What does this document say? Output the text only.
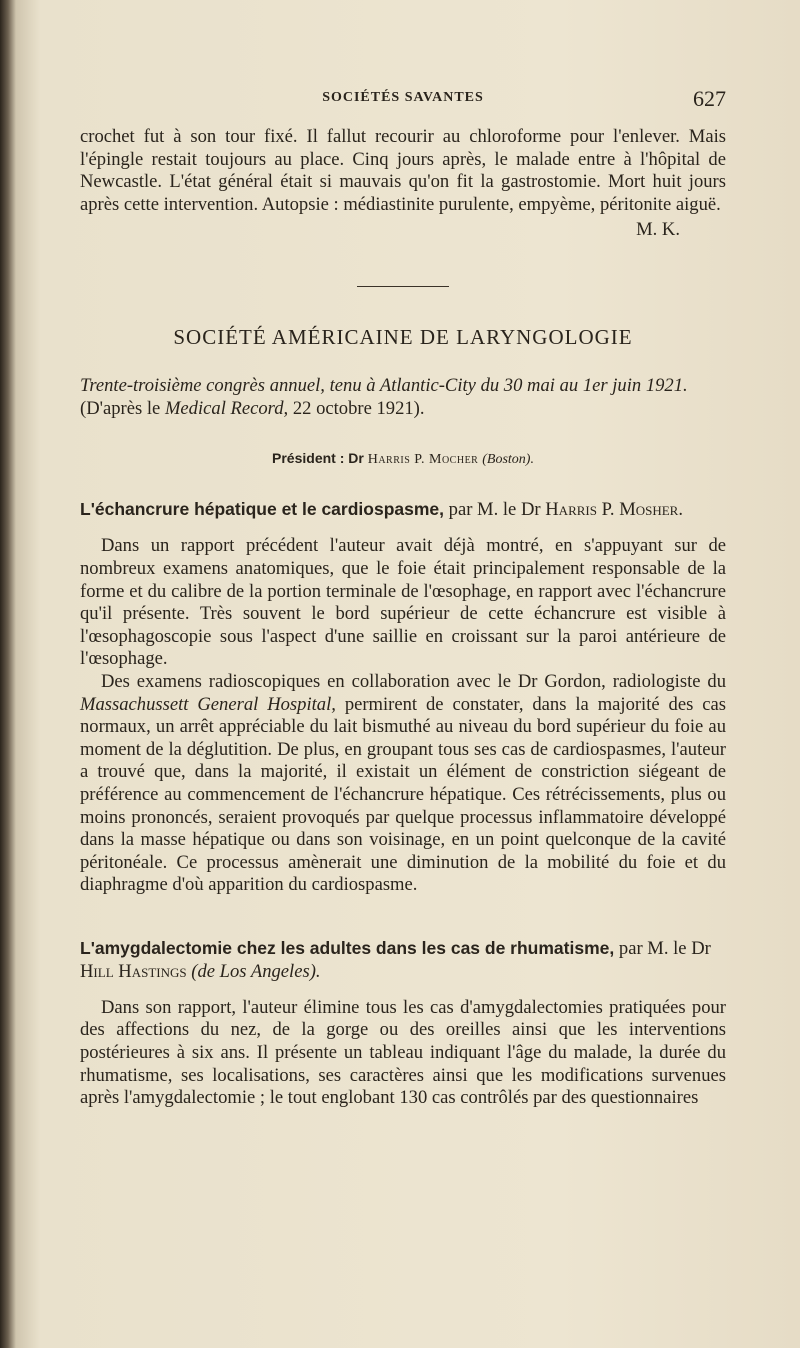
SOCIÉTÉS SAVANTES	627

crochet fut à son tour fixé. Il fallut recourir au chloroforme pour l'enlever. Mais l'épingle restait toujours au place. Cinq jours après, le malade entre à l'hôpital de Newcastle. L'état général était si mauvais qu'on fit la gastrostomie. Mort huit jours après cette intervention. Autopsie : médiastinite purulente, empyème, péritonite aiguë.

M. K.
SOCIÉTÉ AMÉRICAINE DE LARYNGOLOGIE
Trente-troisième congrès annuel, tenu à Atlantic-City du 30 mai au 1er juin 1921. (D'après le Medical Record, 22 octobre 1921).
Président : Dr Harris P. Mocher (Boston).
L'échancrure hépatique et le cardiospasme, par M. le Dr Harris P. Mosher.

Dans un rapport précédent l'auteur avait déjà montré, en s'appuyant sur de nombreux examens anatomiques, que le foie était principalement responsable de la forme et du calibre de la portion terminale de l'œsophage, en rapport avec l'échancrure qu'il présente. Très souvent le bord supérieur de cette échancrure est visible à l'œsophagoscopie sous l'aspect d'une saillie en croissant sur la paroi antérieure de l'œsophage.

Des examens radioscopiques en collaboration avec le Dr Gordon, radiologiste du Massachussett General Hospital, permirent de constater, dans la majorité des cas normaux, un arrêt appréciable du lait bismuthé au niveau du bord supérieur du foie au moment de la déglutition. De plus, en groupant tous ses cas de cardiospasmes, l'auteur a trouvé que, dans la majorité, il existait un élément de constriction siégeant de préférence au commencement de l'échancrure hépatique. Ces rétrécissements, plus ou moins prononcés, seraient provoqués par quelque processus inflammatoire développé dans la masse hépatique ou dans son voisinage, en un point quelconque de la cavité péritonéale. Ce processus amènerait une diminution de la mobilité du foie et du diaphragme d'où apparition du cardiospasme.

L'amygdalectomie chez les adultes dans les cas de rhumatisme, par M. le Dr Hill Hastings (de Los Angeles).

Dans son rapport, l'auteur élimine tous les cas d'amygdalectomies pratiquées pour des affections du nez, de la gorge ou des oreilles ainsi que les interventions postérieures à six ans. Il présente un tableau indiquant l'âge du malade, la durée du rhumatisme, ses localisations, ses caractères ainsi que les modifications survenues après l'amygdalectomie ; le tout englobant 130 cas contrôlés par des questionnaires
